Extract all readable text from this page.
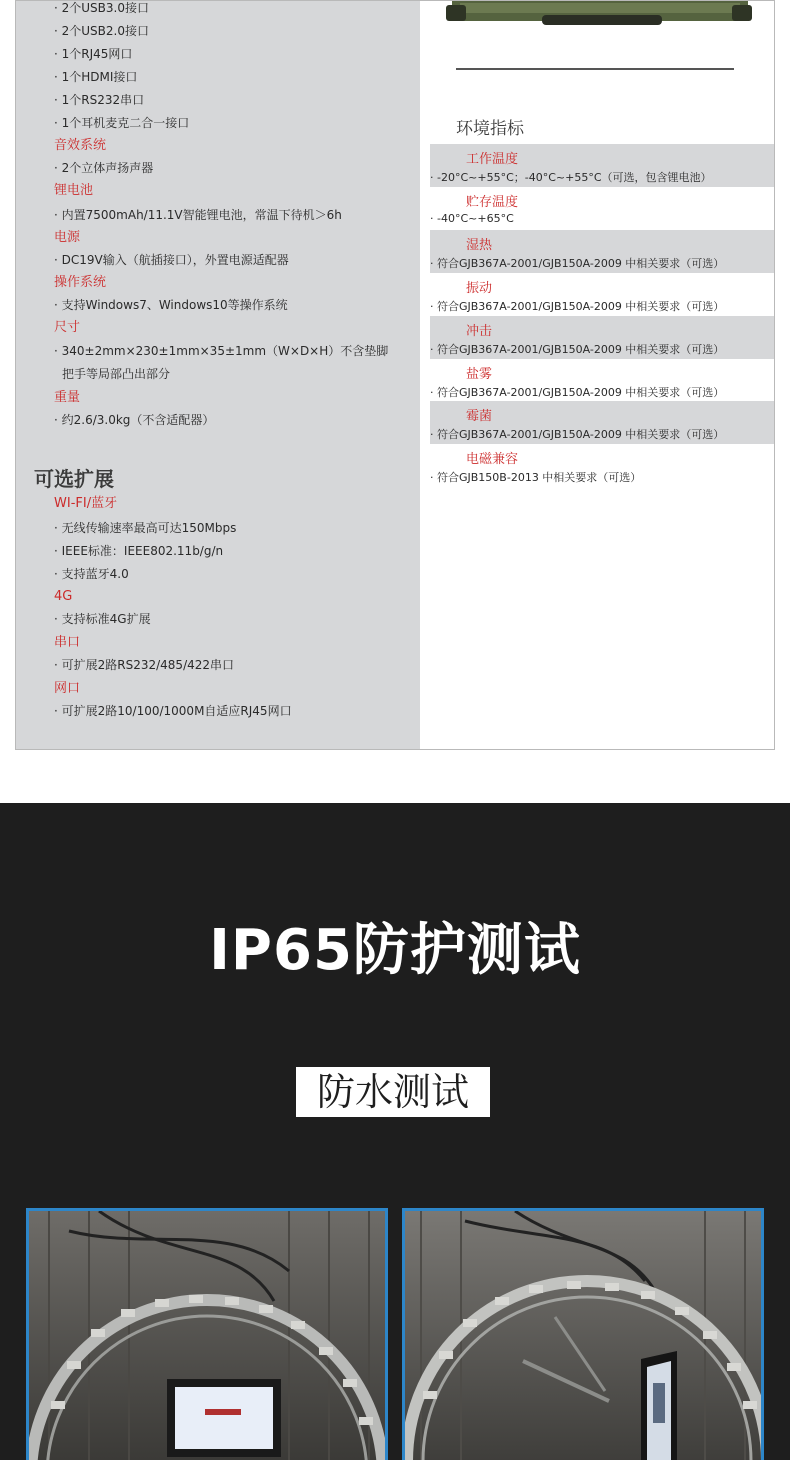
· 2个USB3.0接口
· 2个USB2.0接口
· 1个RJ45网口
· 1个HDMI接口
· 1个RS232串口
· 1个耳机麦克二合一接口
音效系统
· 2个立体声扬声器
锂电池
· 内置7500mAh/11.1V智能锂电池，常温下待机＞6h
电源
· DC19V输入（航插接口），外置电源适配器
操作系统
· 支持Windows7、Windows10等操作系统
尺寸
· 340±2mm×230±1mm×35±1mm（W×D×H）不含垫脚
把手等局部凸出部分
重量
· 约2.6/3.0kg（不含适配器）
可选扩展
WI-FI/蓝牙
· 无线传输速率最高可达150Mbps
· IEEE标准：IEEE802.11b/g/n
· 支持蓝牙4.0
4G
· 支持标准4G扩展
串口
· 可扩展2路RS232/485/422串口
网口
· 可扩展2路10/100/1000M自适应RJ45网口
环境指标
工作温度
· -20°C~+55°C；-40°C~+55°C（可选，包含锂电池）
贮存温度
· -40°C~+65°C
湿热
· 符合GJB367A-2001/GJB150A-2009 中相关要求（可选）
振动
· 符合GJB367A-2001/GJB150A-2009 中相关要求（可选）
冲击
· 符合GJB367A-2001/GJB150A-2009 中相关要求（可选）
盐雾
· 符合GJB367A-2001/GJB150A-2009 中相关要求（可选）
霉菌
· 符合GJB367A-2001/GJB150A-2009 中相关要求（可选）
电磁兼容
· 符合GJB150B-2013 中相关要求（可选）
IP65防护测试
防水测试
